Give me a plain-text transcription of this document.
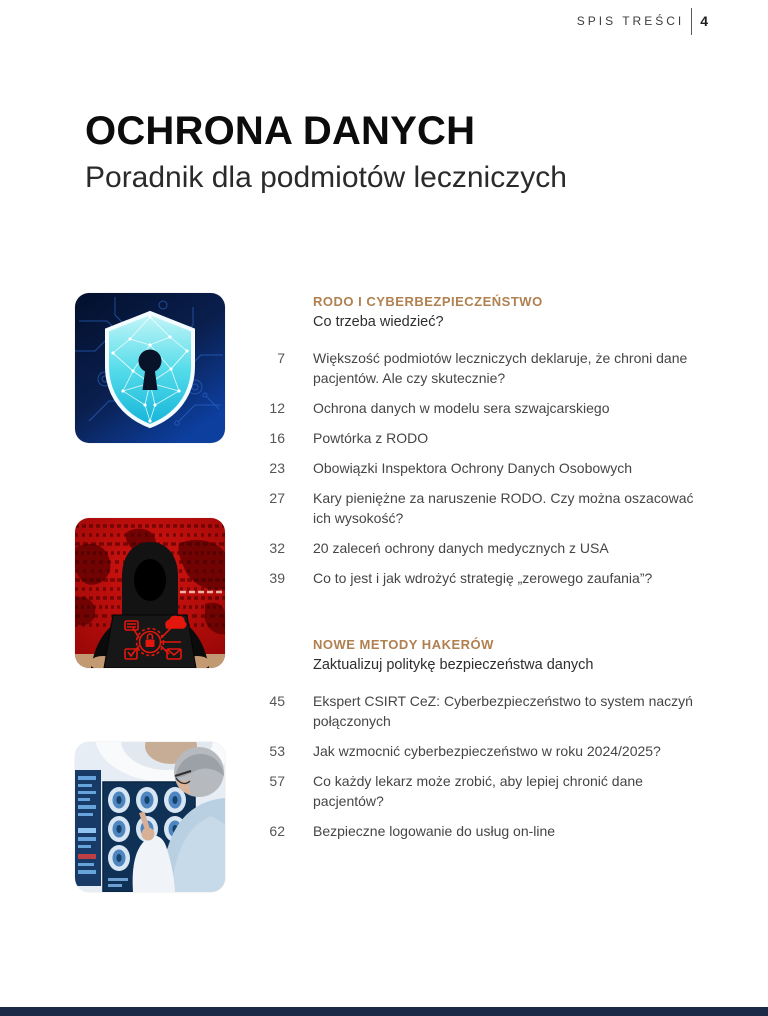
SPIS TREŚCI 4
OCHRONA DANYCH
Poradnik dla podmiotów leczniczych
RODO I CYBERBEZPIECZEŃSTWO
Co trzeba wiedzieć?
7 Większość podmiotów leczniczych deklaruje, że chroni dane pacjentów. Ale czy skutecznie?
12 Ochrona danych w modelu sera szwajcarskiego
16 Powtórka z RODO
23 Obowiązki Inspektora Ochrony Danych Osobowych
27 Kary pieniężne za naruszenie RODO. Czy można oszacować ich wysokość?
32 20 zaleceń ochrony danych medycznych z USA
39 Co to jest i jak wdrożyć strategię „zerowego zaufania”?
NOWE METODY HAKERÓW
Zaktualizuj politykę bezpieczeństwa danych
45 Ekspert CSIRT CeZ: Cyberbezpieczeństwo to system naczyń połączonych
53 Jak wzmocnić cyberbezpieczeństwo w roku 2024/2025?
57 Co każdy lekarz może zrobić, aby lepiej chronić dane pacjentów?
62 Bezpieczne logowanie do usług on-line
